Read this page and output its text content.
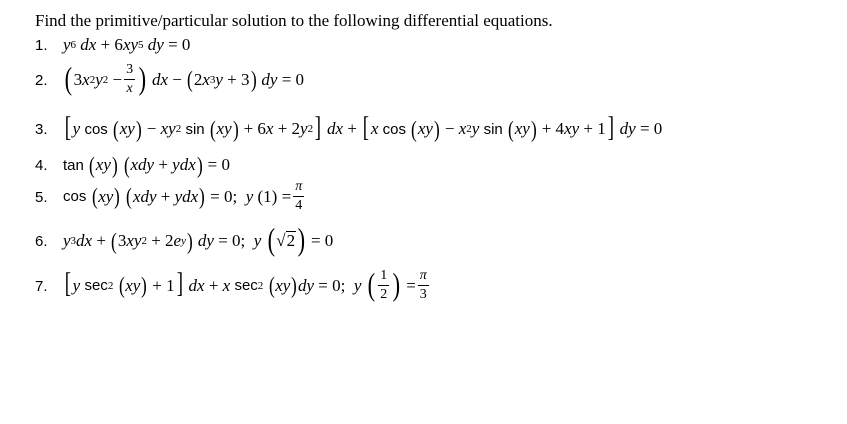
Find the primitive/particular solution to the following differential equations.
1. y 6
dx + 6 xy 5
dy = 0
2. ( 3 x 2 y $2 - \frac{3}{x}$ )
dx − ( 2 x 3 y + 3 )
dy = 0
3. [ y
cos
( xy ) − xy 2
sin
( xy ) + 6 x + 2 y 2 ]
dx + [ x
cos
( xy ) − x 2 y
sin
( xy ) + 4 xy + 1 ]
dy = 0
4.	tan
( xy )
( xdy + ydx ) = 0
5.	cos
( xy )
( xdy + ydx ) = 0; y $(1) = \frac{\pi}{4}$
6. y 3 dx + ( 3 xy 2 + 2 e y )
dy = 0; y
( √ 2 ) = 0
7. [ y
sec 2
( xy ) + 1 ]
dx + x
sec 2
( xy ) dy = 0; y
( $\frac{1}{2}$ ) = $\frac{\pi}{3}$
